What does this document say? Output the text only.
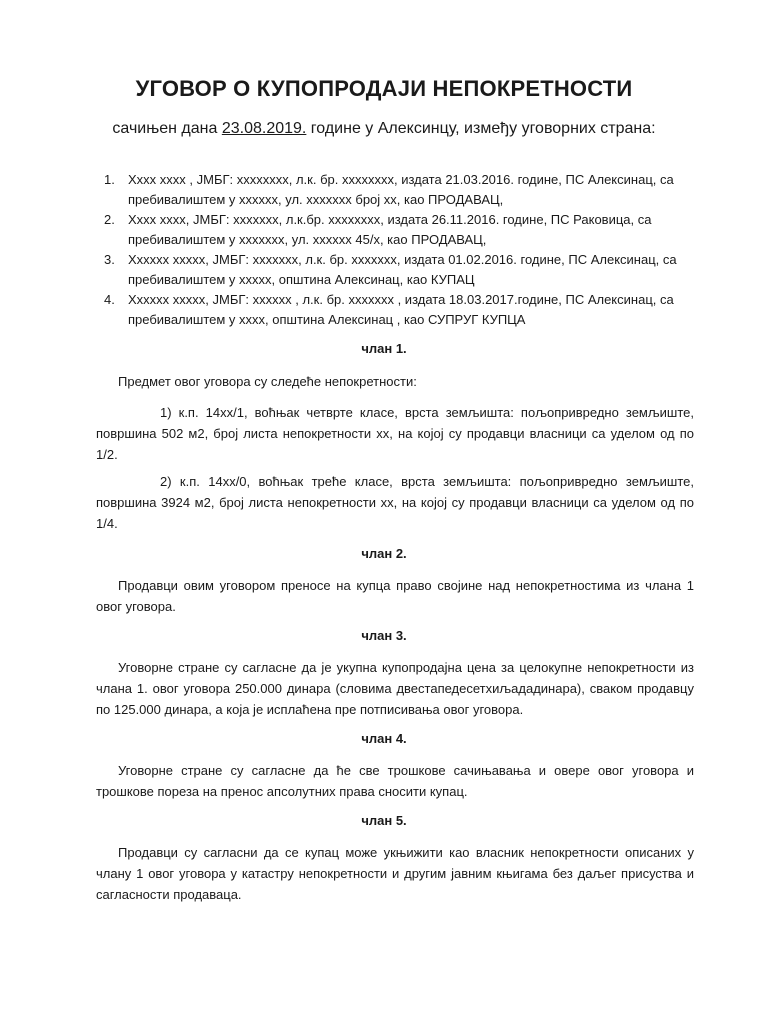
УГОВОР О КУПОПРОДАЈИ НЕПОКРЕТНОСТИ

сачињен дана 23.08.2019. године у Алексинцу, између уговорних страна:

1. Хххх хххх , ЈМБГ: хххххххх, л.к. бр. хххххххх, издата 21.03.2016. године, ПС Алексинац, са пребивалиштем у хххххх, ул. ххххххх број хх, као ПРОДАВАЦ,
2. Хххх хххх, ЈМБГ: ххххххх, л.к.бр. хххххххх, издата 26.11.2016. године, ПС Раковица, са пребивалиштем у ххххххх, ул. хххххх 45/х, као ПРОДАВАЦ,
3. Хххххх ххххх, ЈМБГ: ххххххх, л.к. бр. ххххххх, издата 01.02.2016. године, ПС Алексинац, са пребивалиштем у ххххх, општина Алексинац, као КУПАЦ
4. Хххххх ххххх, ЈМБГ: хххххх , л.к. бр. ххххххх , издата 18.03.2017.године, ПС Алексинац, са пребивалиштем у хххх, општина Алексинац , као СУПРУГ КУПЦА

члан 1.

Предмет овог уговора су следеће непокретности:

1) к.п. 14хх/1, воћњак четврте класе, врста земљишта: пољопривредно земљиште, површина 502 м2, број листа непокретности хх, на којој су продавци власници са уделом од по 1/2.

2) к.п. 14хх/0, воћњак треће класе, врста земљишта: пољопривредно земљиште, површина 3924 м2, број листа непокретности хх, на којој су продавци власници са уделом од по 1/4.

члан 2.

Продавци овим уговором преносе на купца право својине над непокретностима из члана 1 овог уговора.

члан 3.

Уговорне стране су сагласне да је укупна купопродајна цена за целокупне непокретности из члана 1. овог уговора 250.000 динара (словима двестапедесетхиљададинара), сваком продавцу по 125.000 динара, а која је исплаћена пре потписивања овог уговора.

члан 4.

Уговорне стране су сагласне да ће све трошкове сачињавања и овере овог уговора и трошкове пореза на пренос апсолутних права сносити купац.

члан 5.

Продавци су сагласни да се купац може укњижити као власник непокретности описаних у члану 1 овог уговора у катастру непокретности и другим јавним књигама без даљег присуства и сагласности продаваца.
